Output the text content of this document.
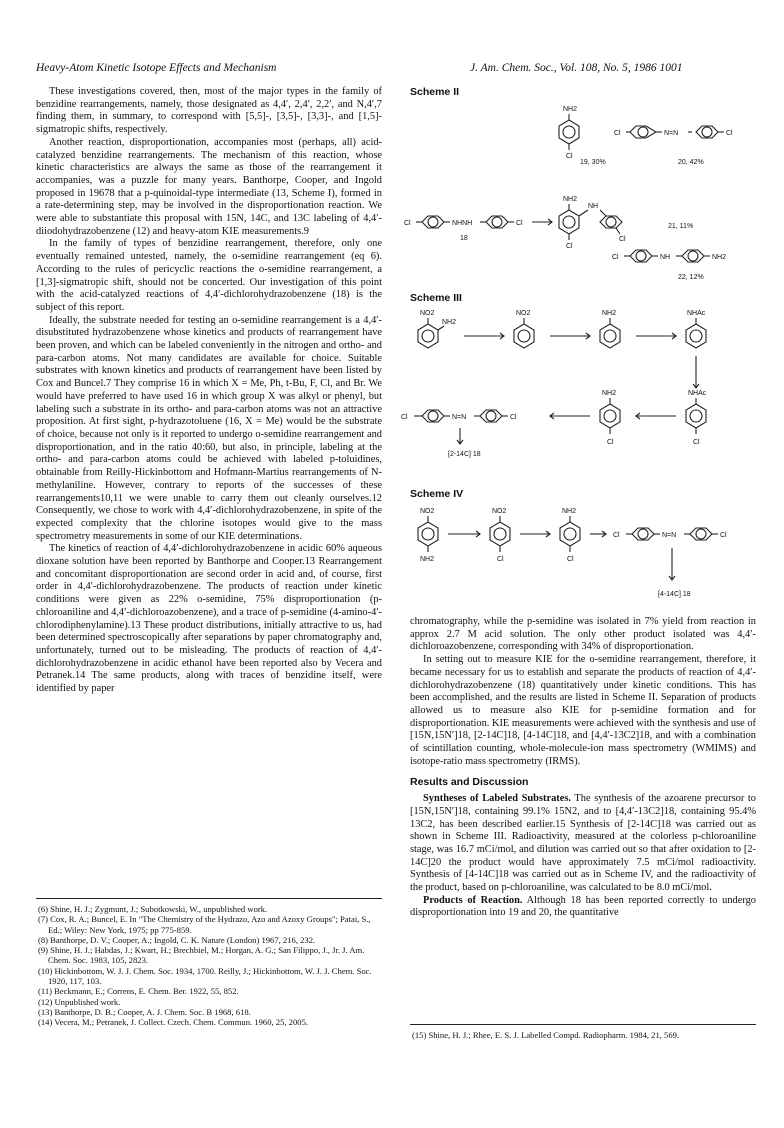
Heavy-Atom Kinetic Isotope Effects and Mechanism	J. Am. Chem. Soc., Vol. 108, No. 5, 1986 1001

These investigations covered, then, most of the major types in the family of benzidine rearrangements, namely, those designated as 4,4′, 2,4′, 2,2′, and N,4′,7 finding them, in summary, to correspond with [5,5]-, [3,5]-, [3,3]-, and [1,5]-sigmatropic shifts, respectively.

Another reaction, disproportionation, accompanies most (perhaps, all) acid-catalyzed benzidine rearrangements. The mechanism of this reaction, whose kinetic characteristics are always the same as those of the rearrangement it accompanies, was a puzzle for many years. Banthorpe, Cooper, and Ingold proposed in 19678 that a p-quinoidal-type intermediate (13, Scheme I), formed in a rate-determining step, may be involved in the disproportionation reaction. We were able to substantiate this proposal with 15N, 14C, and 13C labeling of 4,4′-diiodohydrazobenzene (12) and heavy-atom KIE measurements.9

In the family of types of benzidine rearrangement, therefore, only one eventually remained untested, namely, the o-semidine rearrangement (eq 6). According to the rules of pericyclic reactions the o-semidine rearrangement, a [1,3]-sigmatropic shift, should not be concerted. Our investigation of this point with the acid-catalyzed reactions of 4,4′-dichlorohydrazobenzene (18) is the subject of this report.

Ideally, the substrate needed for testing an o-semidine rearrangement is a 4,4′-disubstituted hydrazobenzene whose kinetics and products of rearrangement have been proven, and which can be labeled conveniently in the nitrogen and ortho- and para-carbon atoms. Not many candidates are available for choice. Suitable substrates with known kinetics and products of rearrangement have been listed by Cox and Buncel.7 They comprise 16 in which X = Me, Ph, t-Bu, F, Cl, and Br. We would have preferred to have used 16 in which group X was alkyl or phenyl, but labeling such a substrate in its ortho- and para-carbon atoms was not an attractive proposition. At first sight, p-hydrazotoluene (16, X = Me) would be the substrate of choice, because not only is it reported to undergo o-semidine rearrangement and disproportionation, and in the ratio 40:60, but also, in principle, labeling at the ortho- and para-carbon atoms could be achieved with labeled p-toluidines, obtainable from Reilly-Hickinbottom and Hofmann-Martius rearrangements of N-methylaniline. However, contrary to reports of the successes of these rearrangements10,11 we were unable to carry them out cleanly ourselves.12 Consequently, we chose to work with 4,4′-dichlorohydrazobenzene, in spite of the expected complexity that the chlorine isotopes would give to the mass spectrometry measurements in some of our KIE determinations.

The kinetics of reaction of 4,4′-dichlorohydrazobenzene in acidic 60% aqueous dioxane solution have been reported by Banthorpe and Cooper.13 Rearrangement and concomitant disproportionation are second order in acid and, of course, first order in 4,4′-dichlorohydrazobenzene. The products of reaction under kinetic conditions were given as 22% o-semidine, 75% disproportionation (p-chloroaniline and 4,4′-dichloroazobenzene), and a trace of p-semidine (4-amino-4′-chlorodiphenylamine).13 These product distributions, initially attractive to us, had been determined spectroscopically after separations by paper chromatography and, unfortunately, turned out to be misleading. The products of reaction of 4,4′-dichlorohydrazobenzene in acidic ethanol have been reported also by Vecera and Petranek.14 The same products, along with traces of benzidine itself, were identified by paper

(6) Shine, H. J.; Zygmunt, J.; Subotkowski, W., unpublished work.
(7) Cox, R. A.; Buncel, E. In "The Chemistry of the Hydrazo, Azo and Azoxy Groups"; Patai, S., Ed.; Wiley: New York, 1975; pp 775-859.
(8) Banthorpe, D. V.; Cooper, A.; Ingold, C. K. Nature (London) 1967, 216, 232.
(9) Shine, H. J.; Habdas, J.; Kwart, H.; Brechbiel, M.; Horgan, A. G.; San Filippo, J., Jr. J. Am. Chem. Soc. 1983, 105, 2823.
(10) Hickinbottom, W. J. J. Chem. Soc. 1934, 1700. Reilly, J.; Hickinbottom, W. J. J. Chem. Soc. 1920, 117, 103.
(11) Beckmann, E.; Correns, E. Chem. Ber. 1922, 55, 852.
(12) Unpublished work.
(13) Banthorpe, D. B.; Cooper, A. J. Chem. Soc. B 1968, 618.
(14) Vecera, M.; Petranek, J. Collect. Czech. Chem. Commun. 1960, 25, 2005.
Scheme II
NH2
Cl
Cl	N=N	Cl
19, 30%	20, 42%
Cl	NHNH	Cl
18
NH2
NH
Cl
Cl
21, 11%
Cl	NH	NH2
22, 12%
Scheme III
NO2
NH2
NO2	NH2	NHAc
NHAc
Cl
NH2
Cl
Cl	N=N	Cl
[2-14C] 18
Scheme IV
NO2
NH2
NO2
Cl
NH2
Cl
Cl	N=N	Cl
[4-14C] 18

chromatography, while the p-semidine was isolated in 7% yield from reaction in approx 2.7 M acid solution. The only other product isolated was 4,4′-dichloroazobenzene, corresponding with 34% of disproportionation.

In setting out to measure KIE for the o-semidine rearrangement, therefore, it became necessary for us to establish and separate the products of reaction of 4,4′-dichlorohydrazobenzene (18) quantitatively under kinetic conditions. This has been accomplished, and the results are listed in Scheme II. Separation of products allowed us to measure also KIE for p-semidine formation and for disproportionation. KIE measurements were achieved with the synthesis and use of [15N,15N′]18, [2-14C]18, [4-14C]18, and [4,4′-13C2]18, and with a combination of scintillation counting, whole-molecule-ion mass spectrometry (WMIMS) and isotope-ratio mass spectrometry (IRMS).

Results and Discussion

Syntheses of Labeled Substrates. The synthesis of the azoarene precursor to [15N,15N′]18, containing 99.1% 15N2, and to [4,4′-13C2]18, containing 95.4% 13C2, has been described earlier.15 Synthesis of [2-14C]18 was carried out as shown in Scheme III. Radioactivity, measured at the colorless p-chloroaniline stage, was 16.7 mCi/mol, and dilution was carried out so that after oxidation to [2-14C]20 the product would have approximately 7.5 mCi/mol radioactivity. Synthesis of [4-14C]18 was carried out as in Scheme IV, and the radioactivity of the product, based on p-chloroaniline, was calculated to be 8.0 mCi/mol.

Products of Reaction. Although 18 has been reported correctly to undergo disproportionation into 19 and 20, the quantitative

(15) Shine, H. J.; Rhee, E. S. J. Labelled Compd. Radiopharm. 1984, 21, 569.
